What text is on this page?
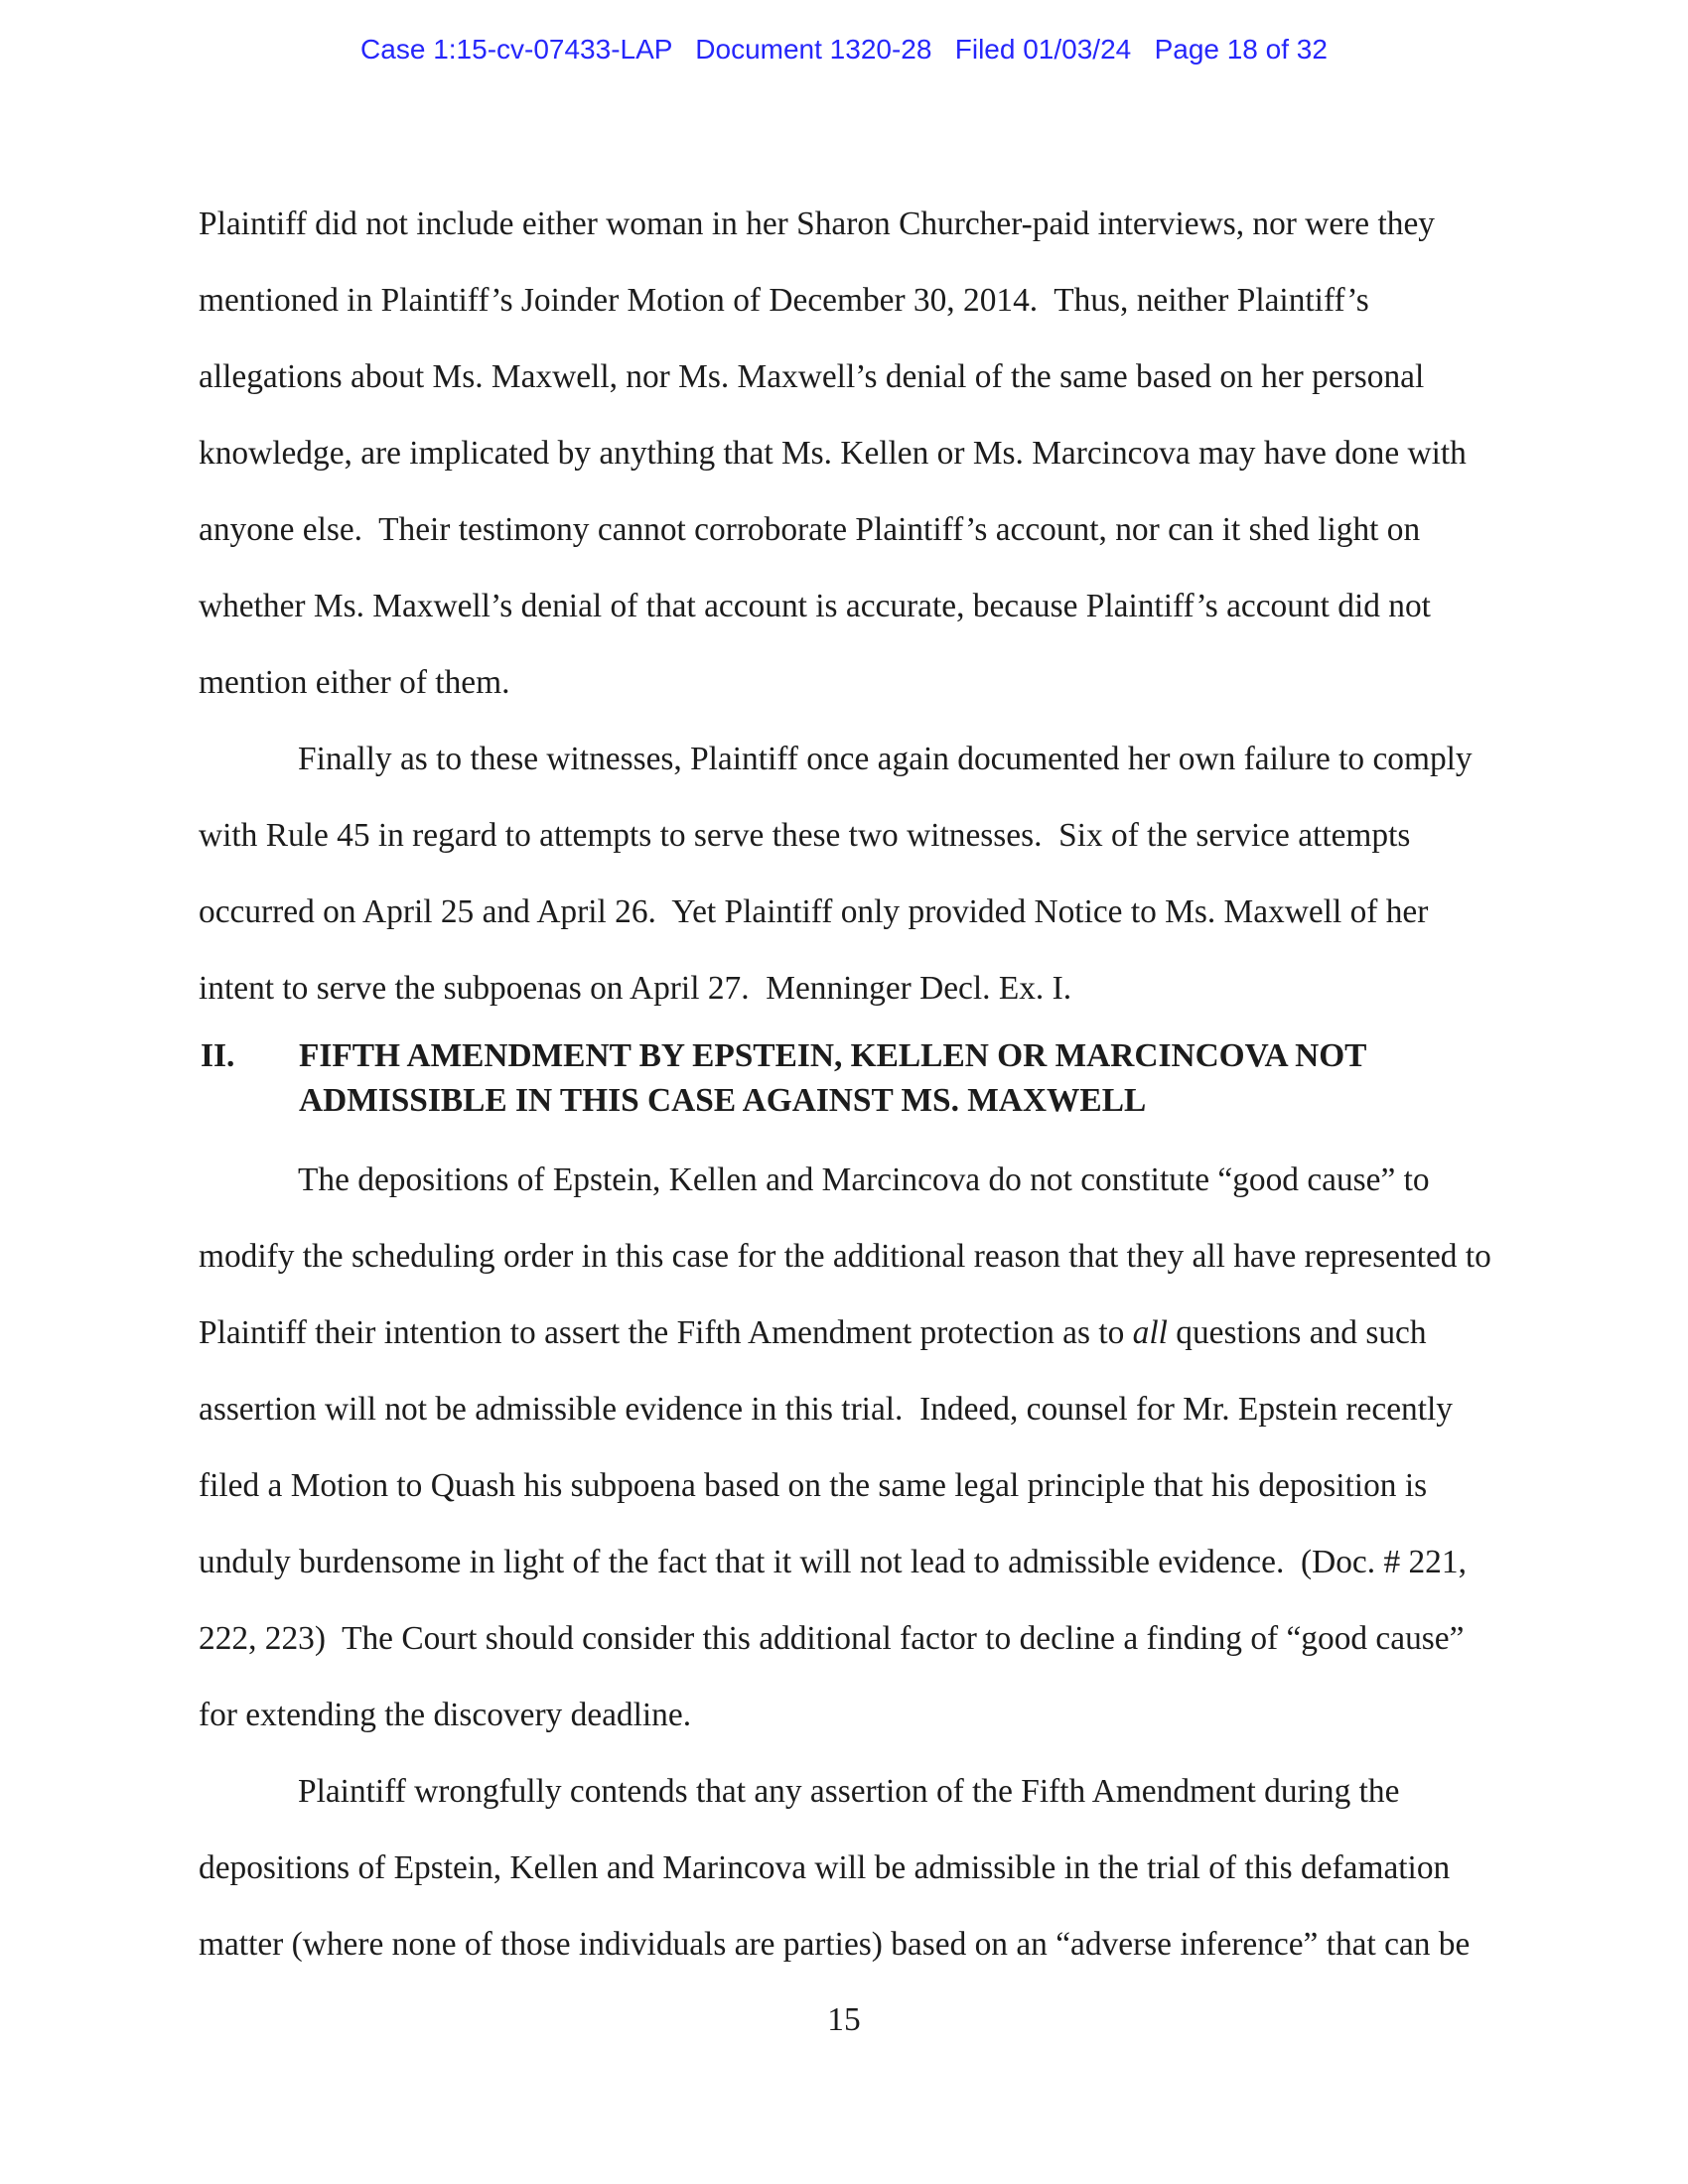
Case 1:15-cv-07433-LAP   Document 1320-28   Filed 01/03/24   Page 18 of 32
Plaintiff did not include either woman in her Sharon Churcher-paid interviews, nor were they
mentioned in Plaintiff’s Joinder Motion of December 30, 2014.  Thus, neither Plaintiff’s
allegations about Ms. Maxwell, nor Ms. Maxwell’s denial of the same based on her personal
knowledge, are implicated by anything that Ms. Kellen or Ms. Marcincova may have done with
anyone else.  Their testimony cannot corroborate Plaintiff’s account, nor can it shed light on
whether Ms. Maxwell’s denial of that account is accurate, because Plaintiff’s account did not
mention either of them.
Finally as to these witnesses, Plaintiff once again documented her own failure to comply
with Rule 45 in regard to attempts to serve these two witnesses.  Six of the service attempts
occurred on April 25 and April 26.  Yet Plaintiff only provided Notice to Ms. Maxwell of her
intent to serve the subpoenas on April 27.  Menninger Decl. Ex. I.
II. FIFTH AMENDMENT BY EPSTEIN, KELLEN OR MARCINCOVA NOT
ADMISSIBLE IN THIS CASE AGAINST MS. MAXWELL
The depositions of Epstein, Kellen and Marcincova do not constitute “good cause” to
modify the scheduling order in this case for the additional reason that they all have represented to
Plaintiff their intention to assert the Fifth Amendment protection as to all questions and such
assertion will not be admissible evidence in this trial.  Indeed, counsel for Mr. Epstein recently
filed a Motion to Quash his subpoena based on the same legal principle that his deposition is
unduly burdensome in light of the fact that it will not lead to admissible evidence.  (Doc. # 221,
222, 223)  The Court should consider this additional factor to decline a finding of “good cause”
for extending the discovery deadline.
Plaintiff wrongfully contends that any assertion of the Fifth Amendment during the
depositions of Epstein, Kellen and Marincova will be admissible in the trial of this defamation
matter (where none of those individuals are parties) based on an “adverse inference” that can be
15
